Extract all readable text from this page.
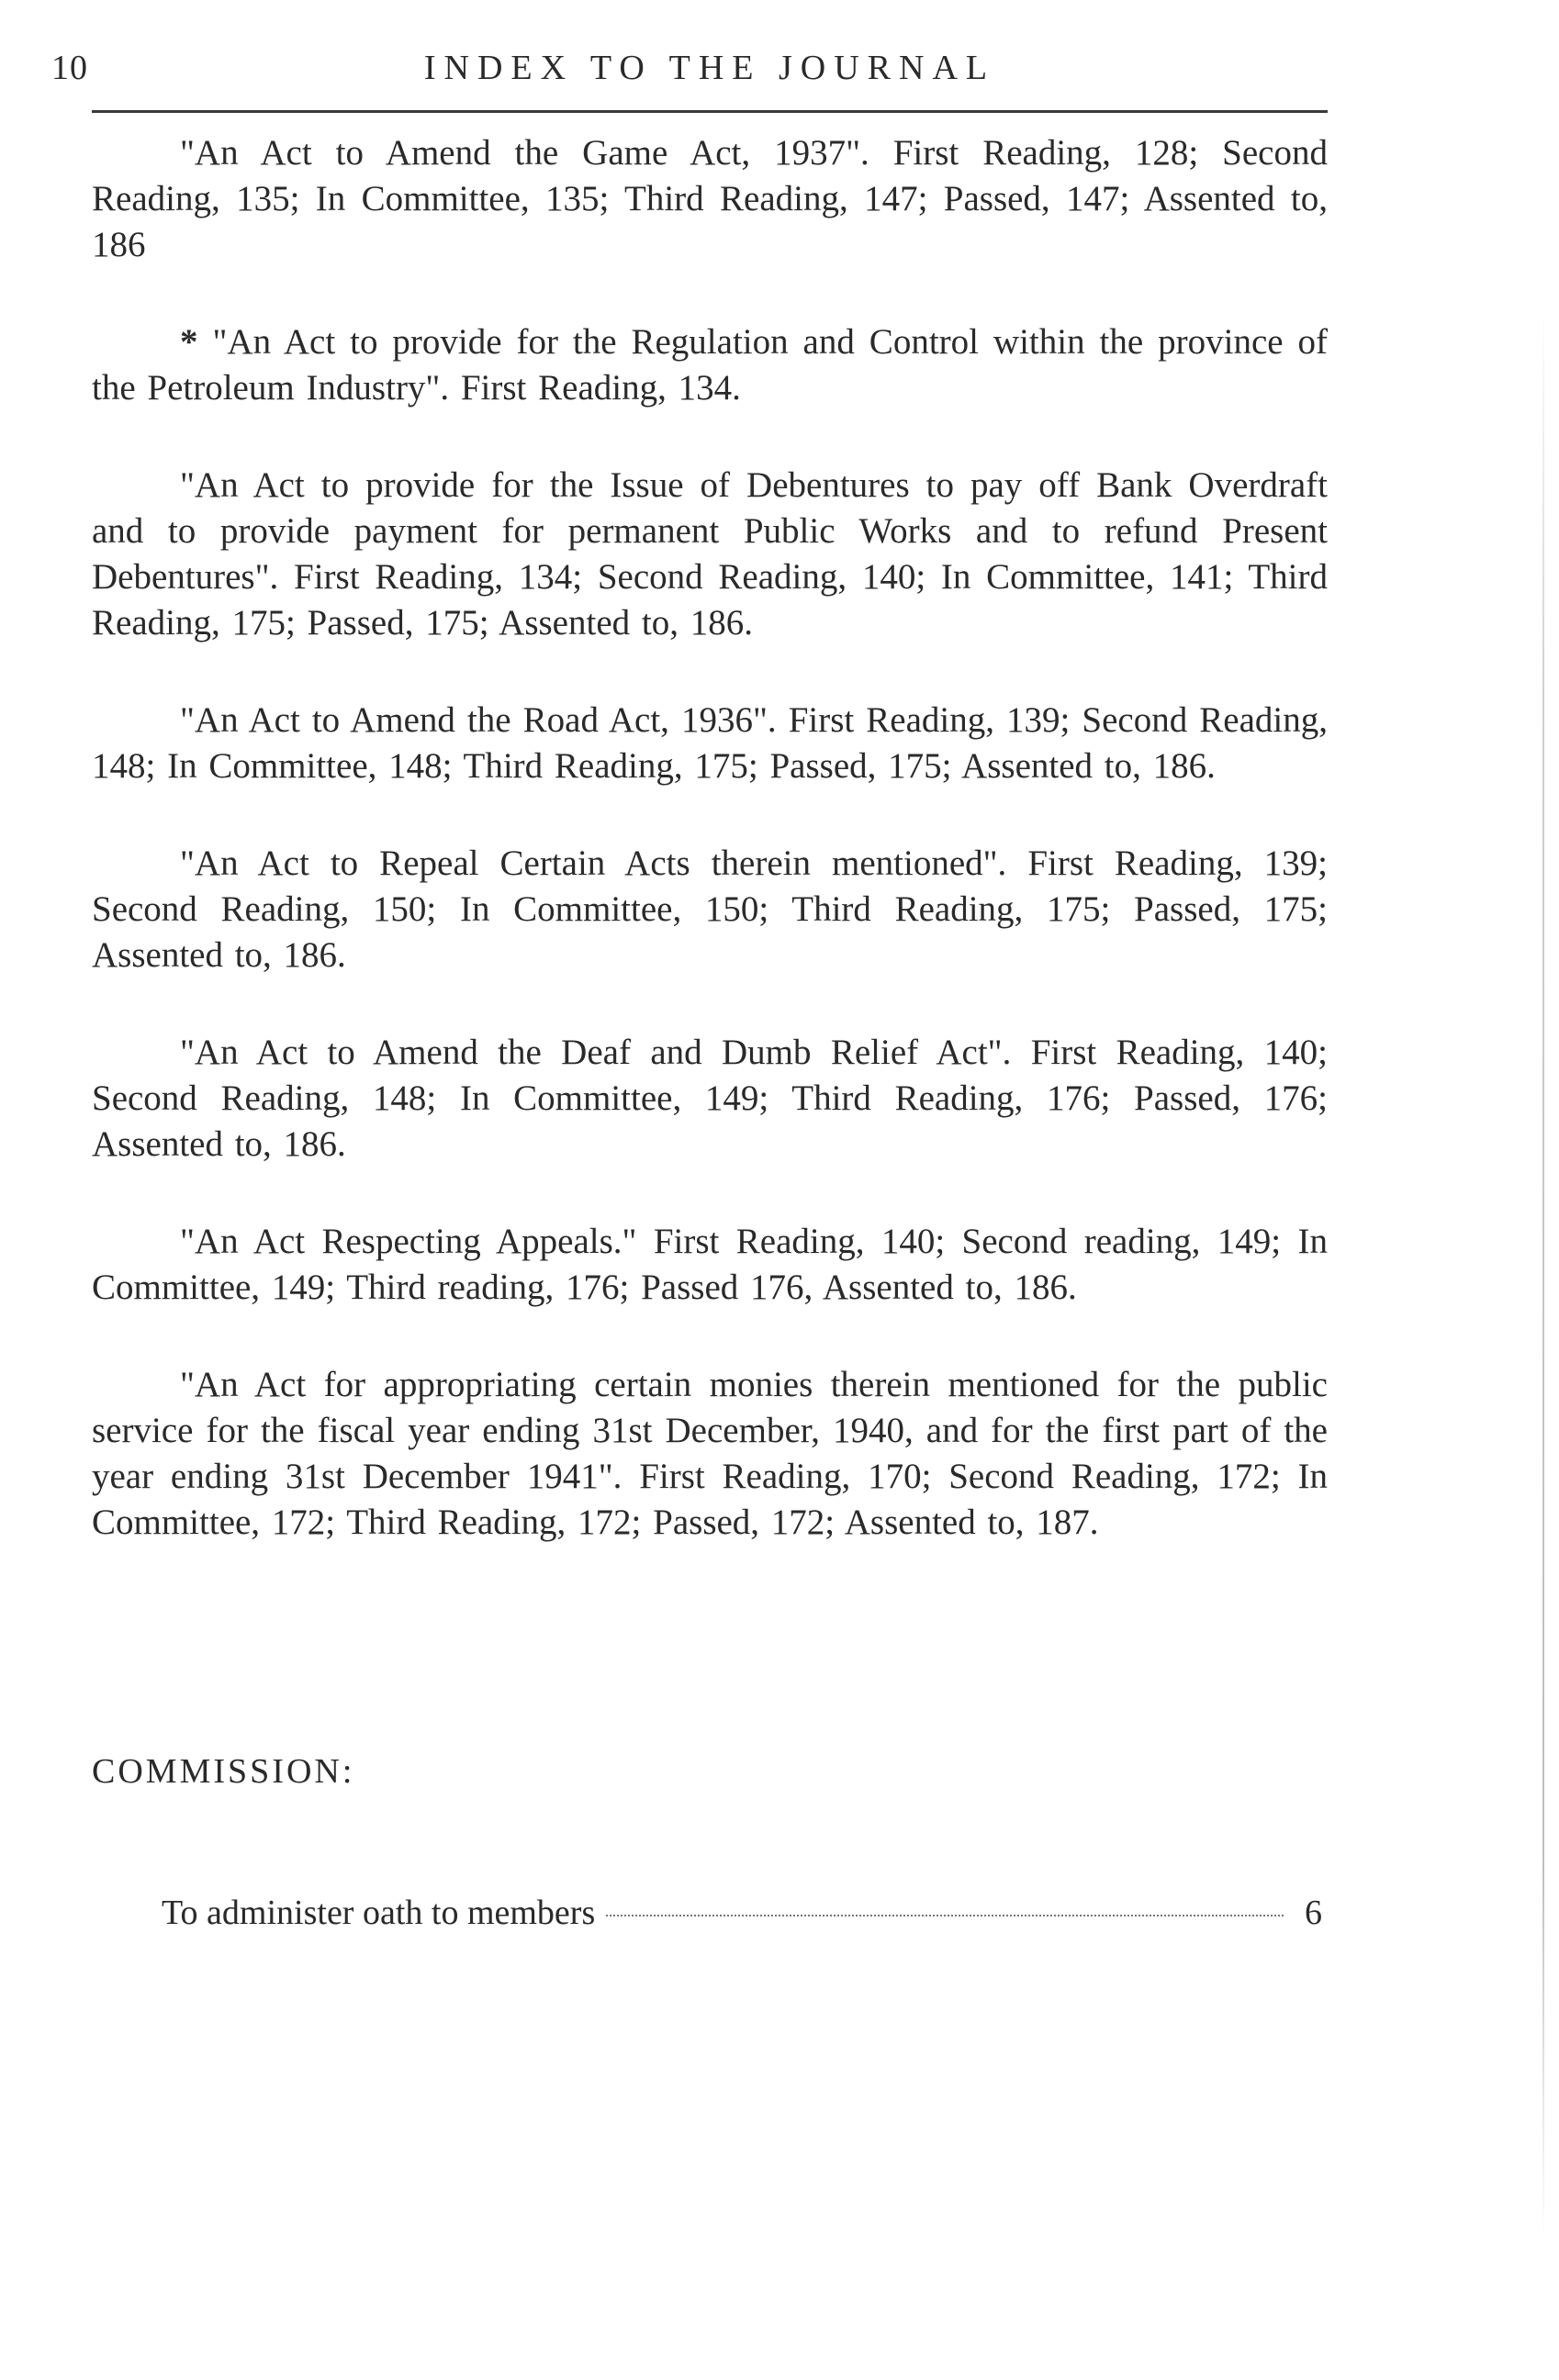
10	INDEX TO THE JOURNAL

"An Act to Amend the Game Act, 1937". First Reading, 128; Second Reading, 135; In Committee, 135; Third Reading, 147; Passed, 147; Assented to, 186

* "An Act to provide for the Regulation and Control within the province of the Petroleum Industry". First Reading, 134.

"An Act to provide for the Issue of Debentures to pay off Bank Overdraft and to provide payment for permanent Public Works and to refund Present Debentures". First Reading, 134; Second Reading, 140; In Committee, 141; Third Reading, 175; Passed, 175; Assented to, 186.

"An Act to Amend the Road Act, 1936". First Reading, 139; Second Reading, 148; In Committee, 148; Third Reading, 175; Passed, 175; Assented to, 186.

"An Act to Repeal Certain Acts therein mentioned". First Reading, 139; Second Reading, 150; In Committee, 150; Third Reading, 175; Passed, 175; Assented to, 186.

"An Act to Amend the Deaf and Dumb Relief Act". First Reading, 140; Second Reading, 148; In Committee, 149; Third Reading, 176; Passed, 176; Assented to, 186.

"An Act Respecting Appeals." First Reading, 140; Second reading, 149; In Committee, 149; Third reading, 176; Passed 176, Assented to, 186.

"An Act for appropriating certain monies therein mentioned for the public service for the fiscal year ending 31st December, 1940, and for the first part of the year ending 31st December 1941". First Reading, 170; Second Reading, 172; In Committee, 172; Third Reading, 172; Passed, 172; Assented to, 187.

COMMISSION:
To administer oath to members	6
